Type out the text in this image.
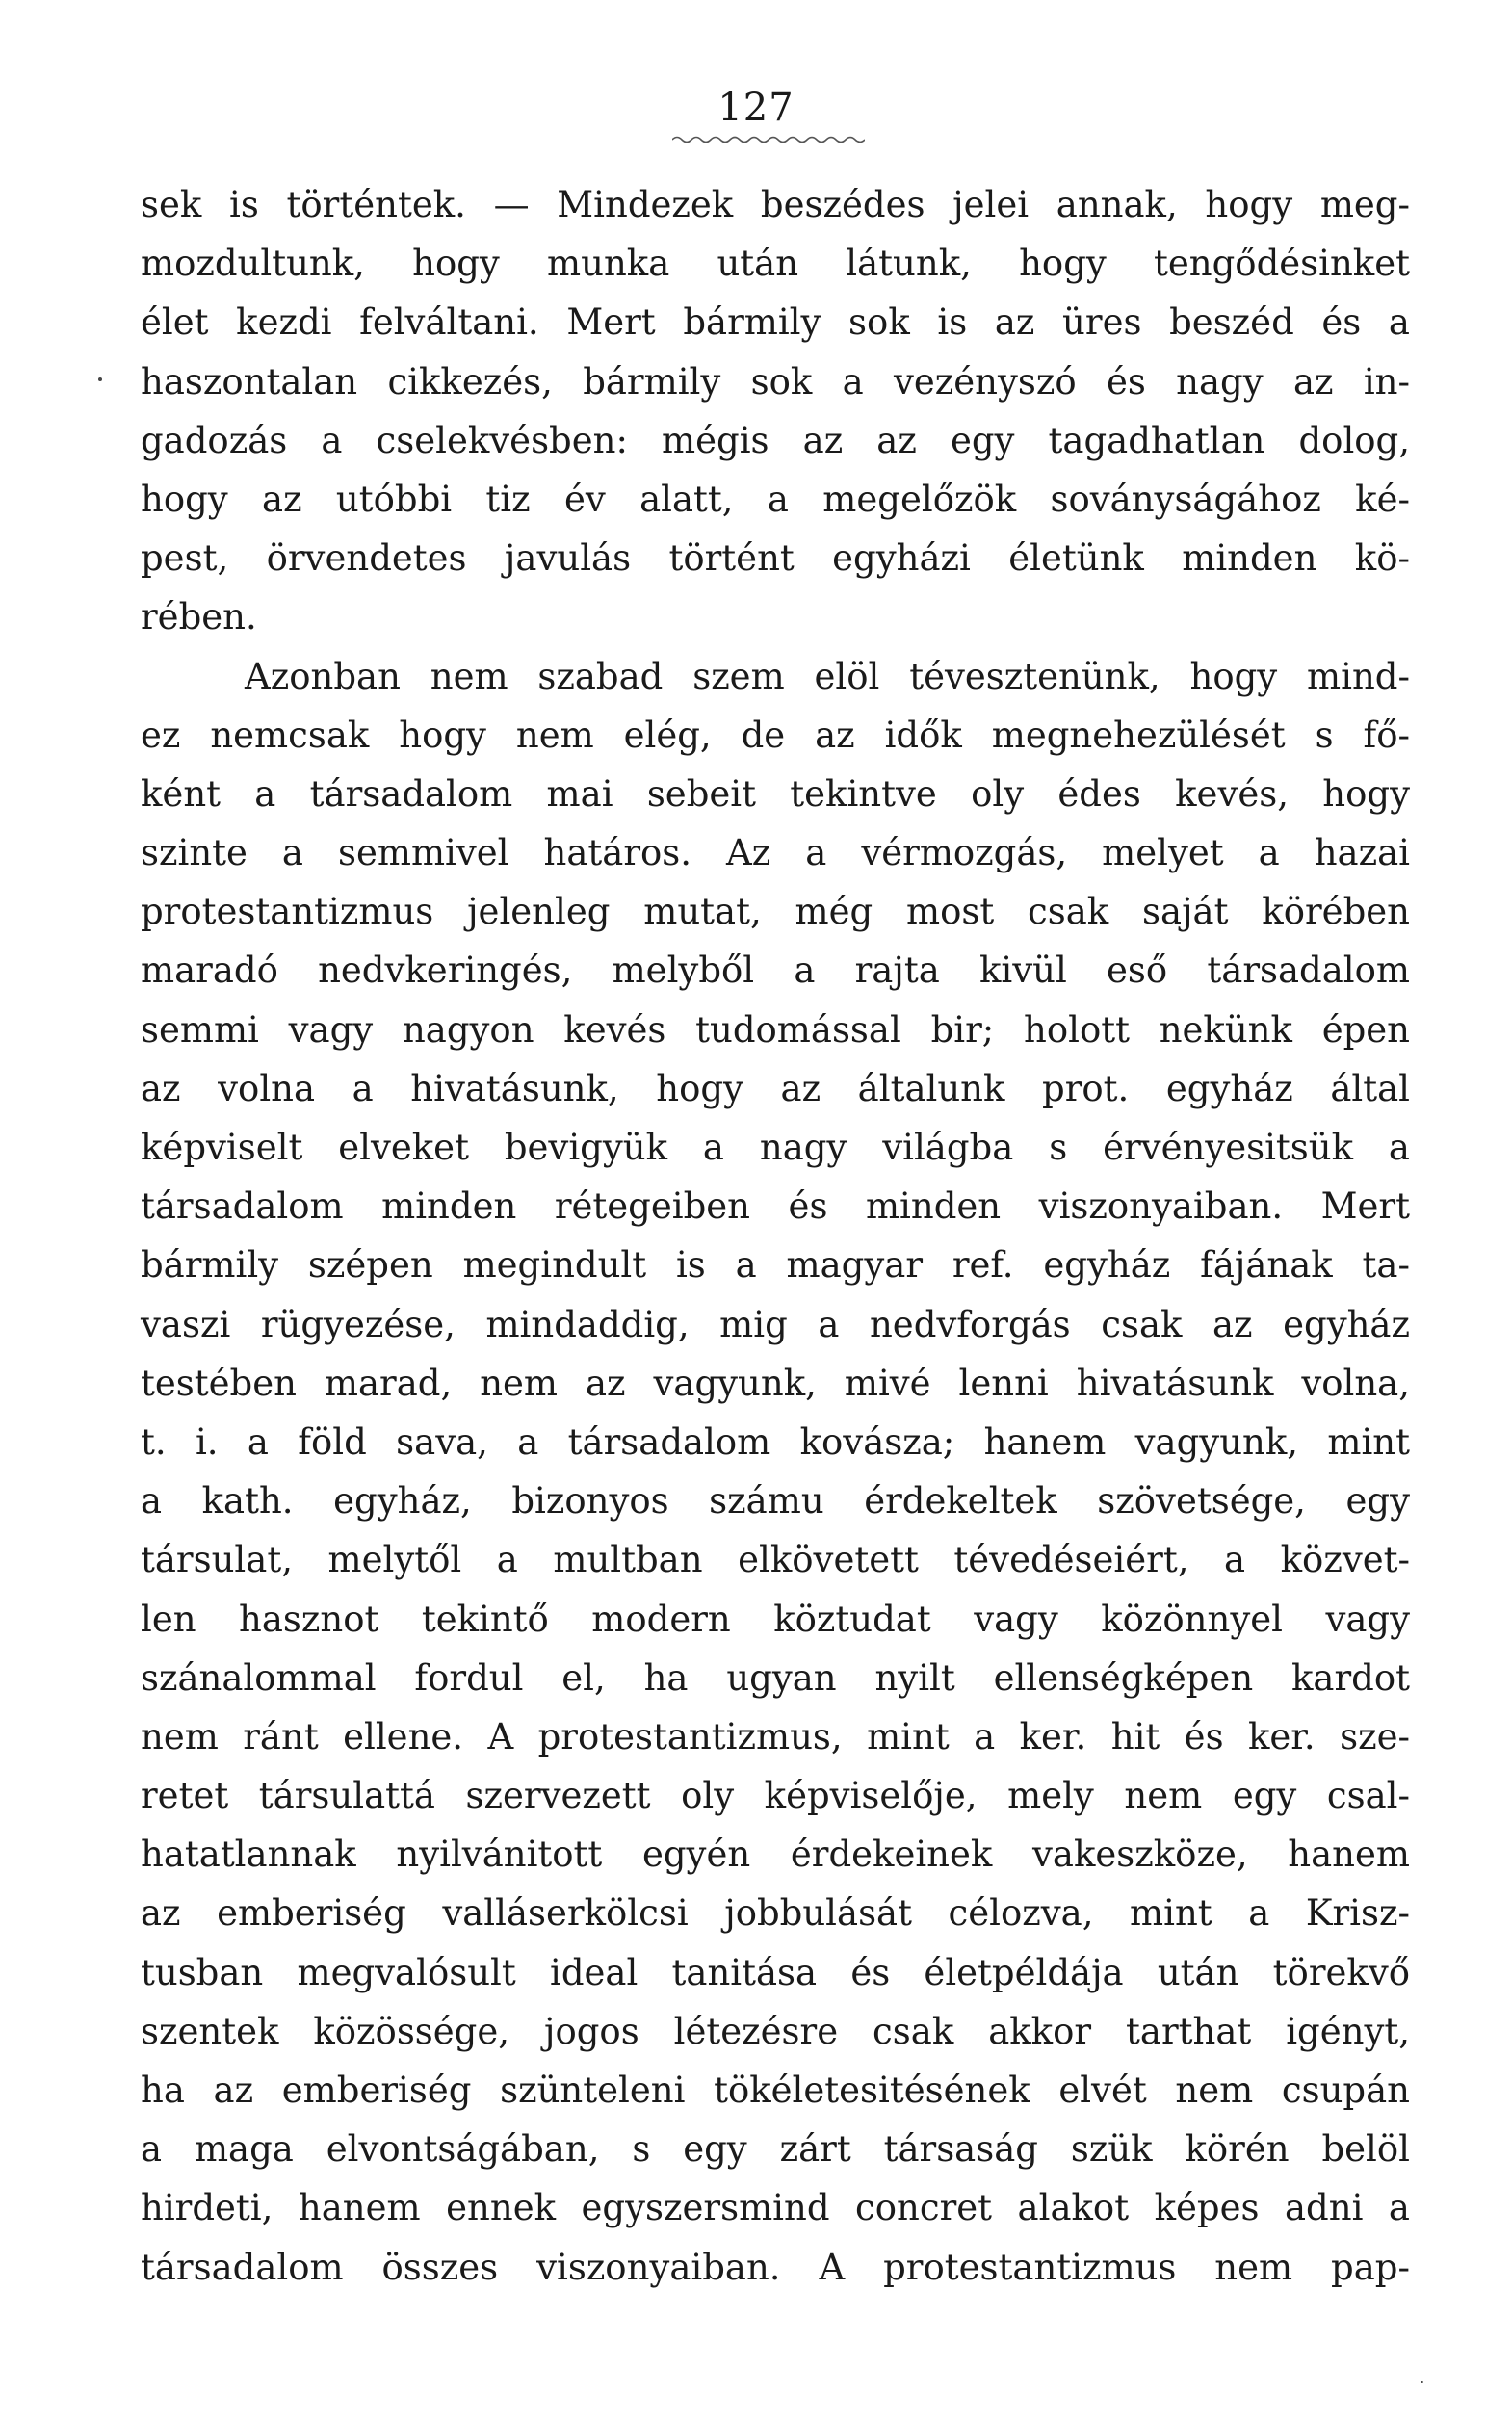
127
sek is történtek. — Mindezek beszédes jelei annak, hogy meg-
mozdultunk, hogy munka után látunk, hogy tengődésinket
élet kezdi felváltani. Mert bármily sok is az üres beszéd és a
haszontalan cikkezés, bármily sok a vezényszó és nagy az in-
gadozás a cselekvésben: mégis az az egy tagadhatlan dolog,
hogy az utóbbi tiz év alatt, a megelőzök soványságához ké-
pest, örvendetes javulás történt egyházi életünk minden kö-
rében.
Azonban nem szabad szem elöl tévesztenünk, hogy mind-
ez nemcsak hogy nem elég, de az idők megnehezülését s fő-
ként a társadalom mai sebeit tekintve oly édes kevés, hogy
szinte a semmivel határos. Az a vérmozgás, melyet a hazai
protestantizmus jelenleg mutat, még most csak saját körében
maradó nedvkeringés, melyből a rajta kivül eső társadalom
semmi vagy nagyon kevés tudomással bir; holott nekünk épen
az volna a hivatásunk, hogy az általunk prot. egyház által
képviselt elveket bevigyük a nagy világba s érvényesitsük a
társadalom minden rétegeiben és minden viszonyaiban. Mert
bármily szépen megindult is a magyar ref. egyház fájának ta-
vaszi rügyezése, mindaddig, mig a nedvforgás csak az egyház
testében marad, nem az vagyunk, mivé lenni hivatásunk volna,
t. i. a föld sava, a társadalom kovásza; hanem vagyunk, mint
a kath. egyház, bizonyos számu érdekeltek szövetsége, egy
társulat, melytől a multban elkövetett tévedéseiért, a közvet-
len hasznot tekintő modern köztudat vagy közönnyel vagy
szánalommal fordul el, ha ugyan nyilt ellenségképen kardot
nem ránt ellene. A protestantizmus, mint a ker. hit és ker. sze-
retet társulattá szervezett oly képviselője, mely nem egy csal-
hatatlannak nyilvánitott egyén érdekeinek vakeszköze, hanem
az emberiség valláserkölcsi jobbulását célozva, mint a Krisz-
tusban megvalósult ideal tanitása és életpéldája után törekvő
szentek közössége, jogos létezésre csak akkor tarthat igényt,
ha az emberiség szünteleni tökéletesitésének elvét nem csupán
a maga elvontságában, s egy zárt társaság szük körén belöl
hirdeti, hanem ennek egyszersmind concret alakot képes adni a
társadalom összes viszonyaiban. A protestantizmus nem pap-
